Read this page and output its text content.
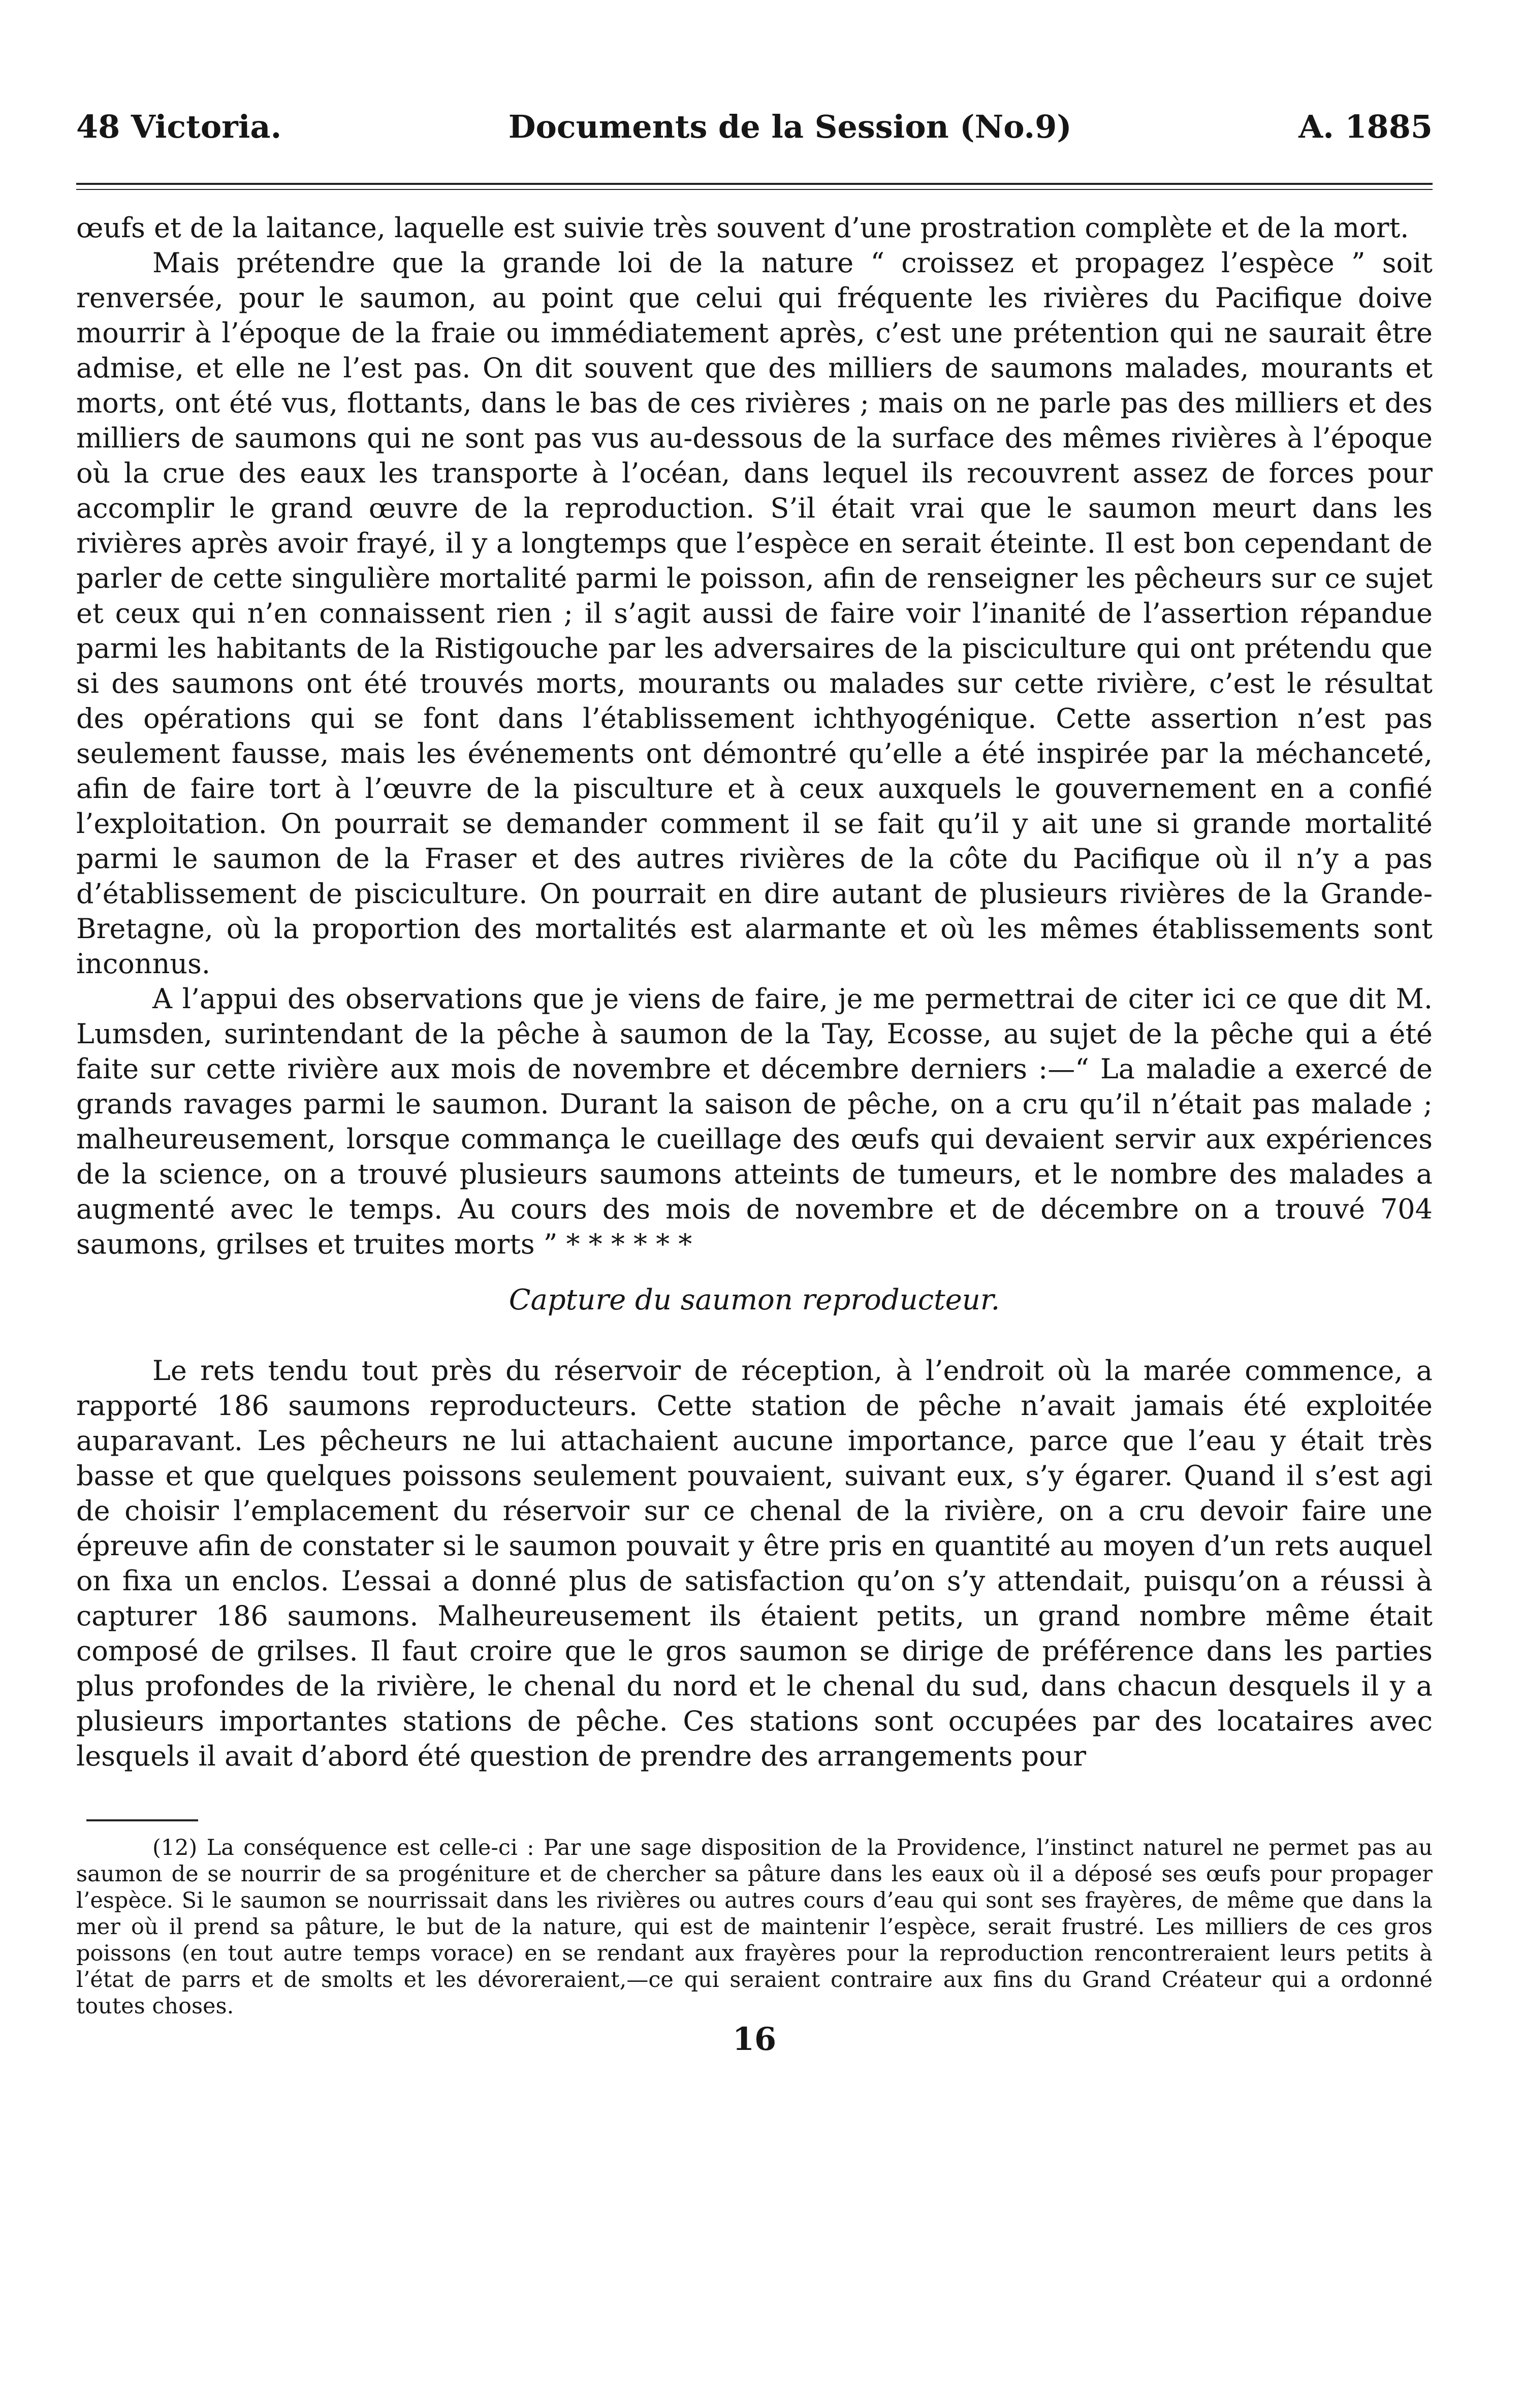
48 Victoria.	Documents de la Session (No.9)	A. 1885

œufs et de la laitance, laquelle est suivie très souvent d’une prostration complète et de la mort.

Mais prétendre que la grande loi de la nature “ croissez et propagez l’espèce ” soit renversée, pour le saumon, au point que celui qui fréquente les rivières du Pacifique doive mourrir à l’époque de la fraie ou immédiatement après, c’est une prétention qui ne saurait être admise, et elle ne l’est pas. On dit souvent que des milliers de saumons malades, mourants et morts, ont été vus, flottants, dans le bas de ces rivières ; mais on ne parle pas des milliers et des milliers de saumons qui ne sont pas vus au-dessous de la surface des mêmes rivières à l’époque où la crue des eaux les transporte à l’océan, dans lequel ils recouvrent assez de forces pour accomplir le grand œuvre de la reproduction. S’il était vrai que le saumon meurt dans les rivières après avoir frayé, il y a longtemps que l’espèce en serait éteinte. Il est bon cependant de parler de cette singulière mortalité parmi le poisson, afin de renseigner les pêcheurs sur ce sujet et ceux qui n’en connaissent rien ; il s’agit aussi de faire voir l’inanité de l’assertion répandue parmi les habitants de la Ristigouche par les adversaires de la pisciculture qui ont prétendu que si des saumons ont été trouvés morts, mourants ou malades sur cette rivière, c’est le résultat des opérations qui se font dans l’établissement ichthyogénique. Cette assertion n’est pas seulement fausse, mais les événements ont démontré qu’elle a été inspirée par la méchanceté, afin de faire tort à l’œuvre de la pisculture et à ceux auxquels le gouvernement en a confié l’exploitation. On pourrait se demander comment il se fait qu’il y ait une si grande mortalité parmi le saumon de la Fraser et des autres rivières de la côte du Pacifique où il n’y a pas d’établissement de pisciculture. On pourrait en dire autant de plusieurs rivières de la Grande-Bretagne, où la proportion des mortalités est alarmante et où les mêmes établissements sont inconnus.

A l’appui des observations que je viens de faire, je me permettrai de citer ici ce que dit M. Lumsden, surintendant de la pêche à saumon de la Tay, Ecosse, au sujet de la pêche qui a été faite sur cette rivière aux mois de novembre et décembre derniers :—“ La maladie a exercé de grands ravages parmi le saumon. Durant la saison de pêche, on a cru qu’il n’était pas malade ; malheureusement, lorsque commança le cueillage des œufs qui devaient servir aux expériences de la science, on a trouvé plusieurs saumons atteints de tumeurs, et le nombre des malades a augmenté avec le temps. Au cours des mois de novembre et de décembre on a trouvé 704 saumons, grilses et truites morts ” * * * * * *

Capture du saumon reproducteur.

Le rets tendu tout près du réservoir de réception, à l’endroit où la marée commence, a rapporté 186 saumons reproducteurs. Cette station de pêche n’avait jamais été exploitée auparavant. Les pêcheurs ne lui attachaient aucune importance, parce que l’eau y était très basse et que quelques poissons seulement pouvaient, suivant eux, s’y égarer. Quand il s’est agi de choisir l’emplacement du réservoir sur ce chenal de la rivière, on a cru devoir faire une épreuve afin de constater si le saumon pouvait y être pris en quantité au moyen d’un rets auquel on fixa un enclos. L’essai a donné plus de satisfaction qu’on s’y attendait, puisqu’on a réussi à capturer 186 saumons. Malheureusement ils étaient petits, un grand nombre même était composé de grilses. Il faut croire que le gros saumon se dirige de préférence dans les parties plus profondes de la rivière, le chenal du nord et le chenal du sud, dans chacun desquels il y a plusieurs importantes stations de pêche. Ces stations sont occupées par des locataires avec lesquels il avait d’abord été question de prendre des arrangements pour

(12) La conséquence est celle-ci : Par une sage disposition de la Providence, l’instinct naturel ne permet pas au saumon de se nourrir de sa progéniture et de chercher sa pâture dans les eaux où il a déposé ses œufs pour propager l’espèce. Si le saumon se nourrissait dans les rivières ou autres cours d’eau qui sont ses frayères, de même que dans la mer où il prend sa pâture, le but de la nature, qui est de maintenir l’espèce, serait frustré. Les milliers de ces gros poissons (en tout autre temps vorace) en se rendant aux frayères pour la reproduction rencontreraient leurs petits à l’état de parrs et de smolts et les dévoreraient,—ce qui seraient contraire aux fins du Grand Créateur qui a ordonné toutes choses.

16
